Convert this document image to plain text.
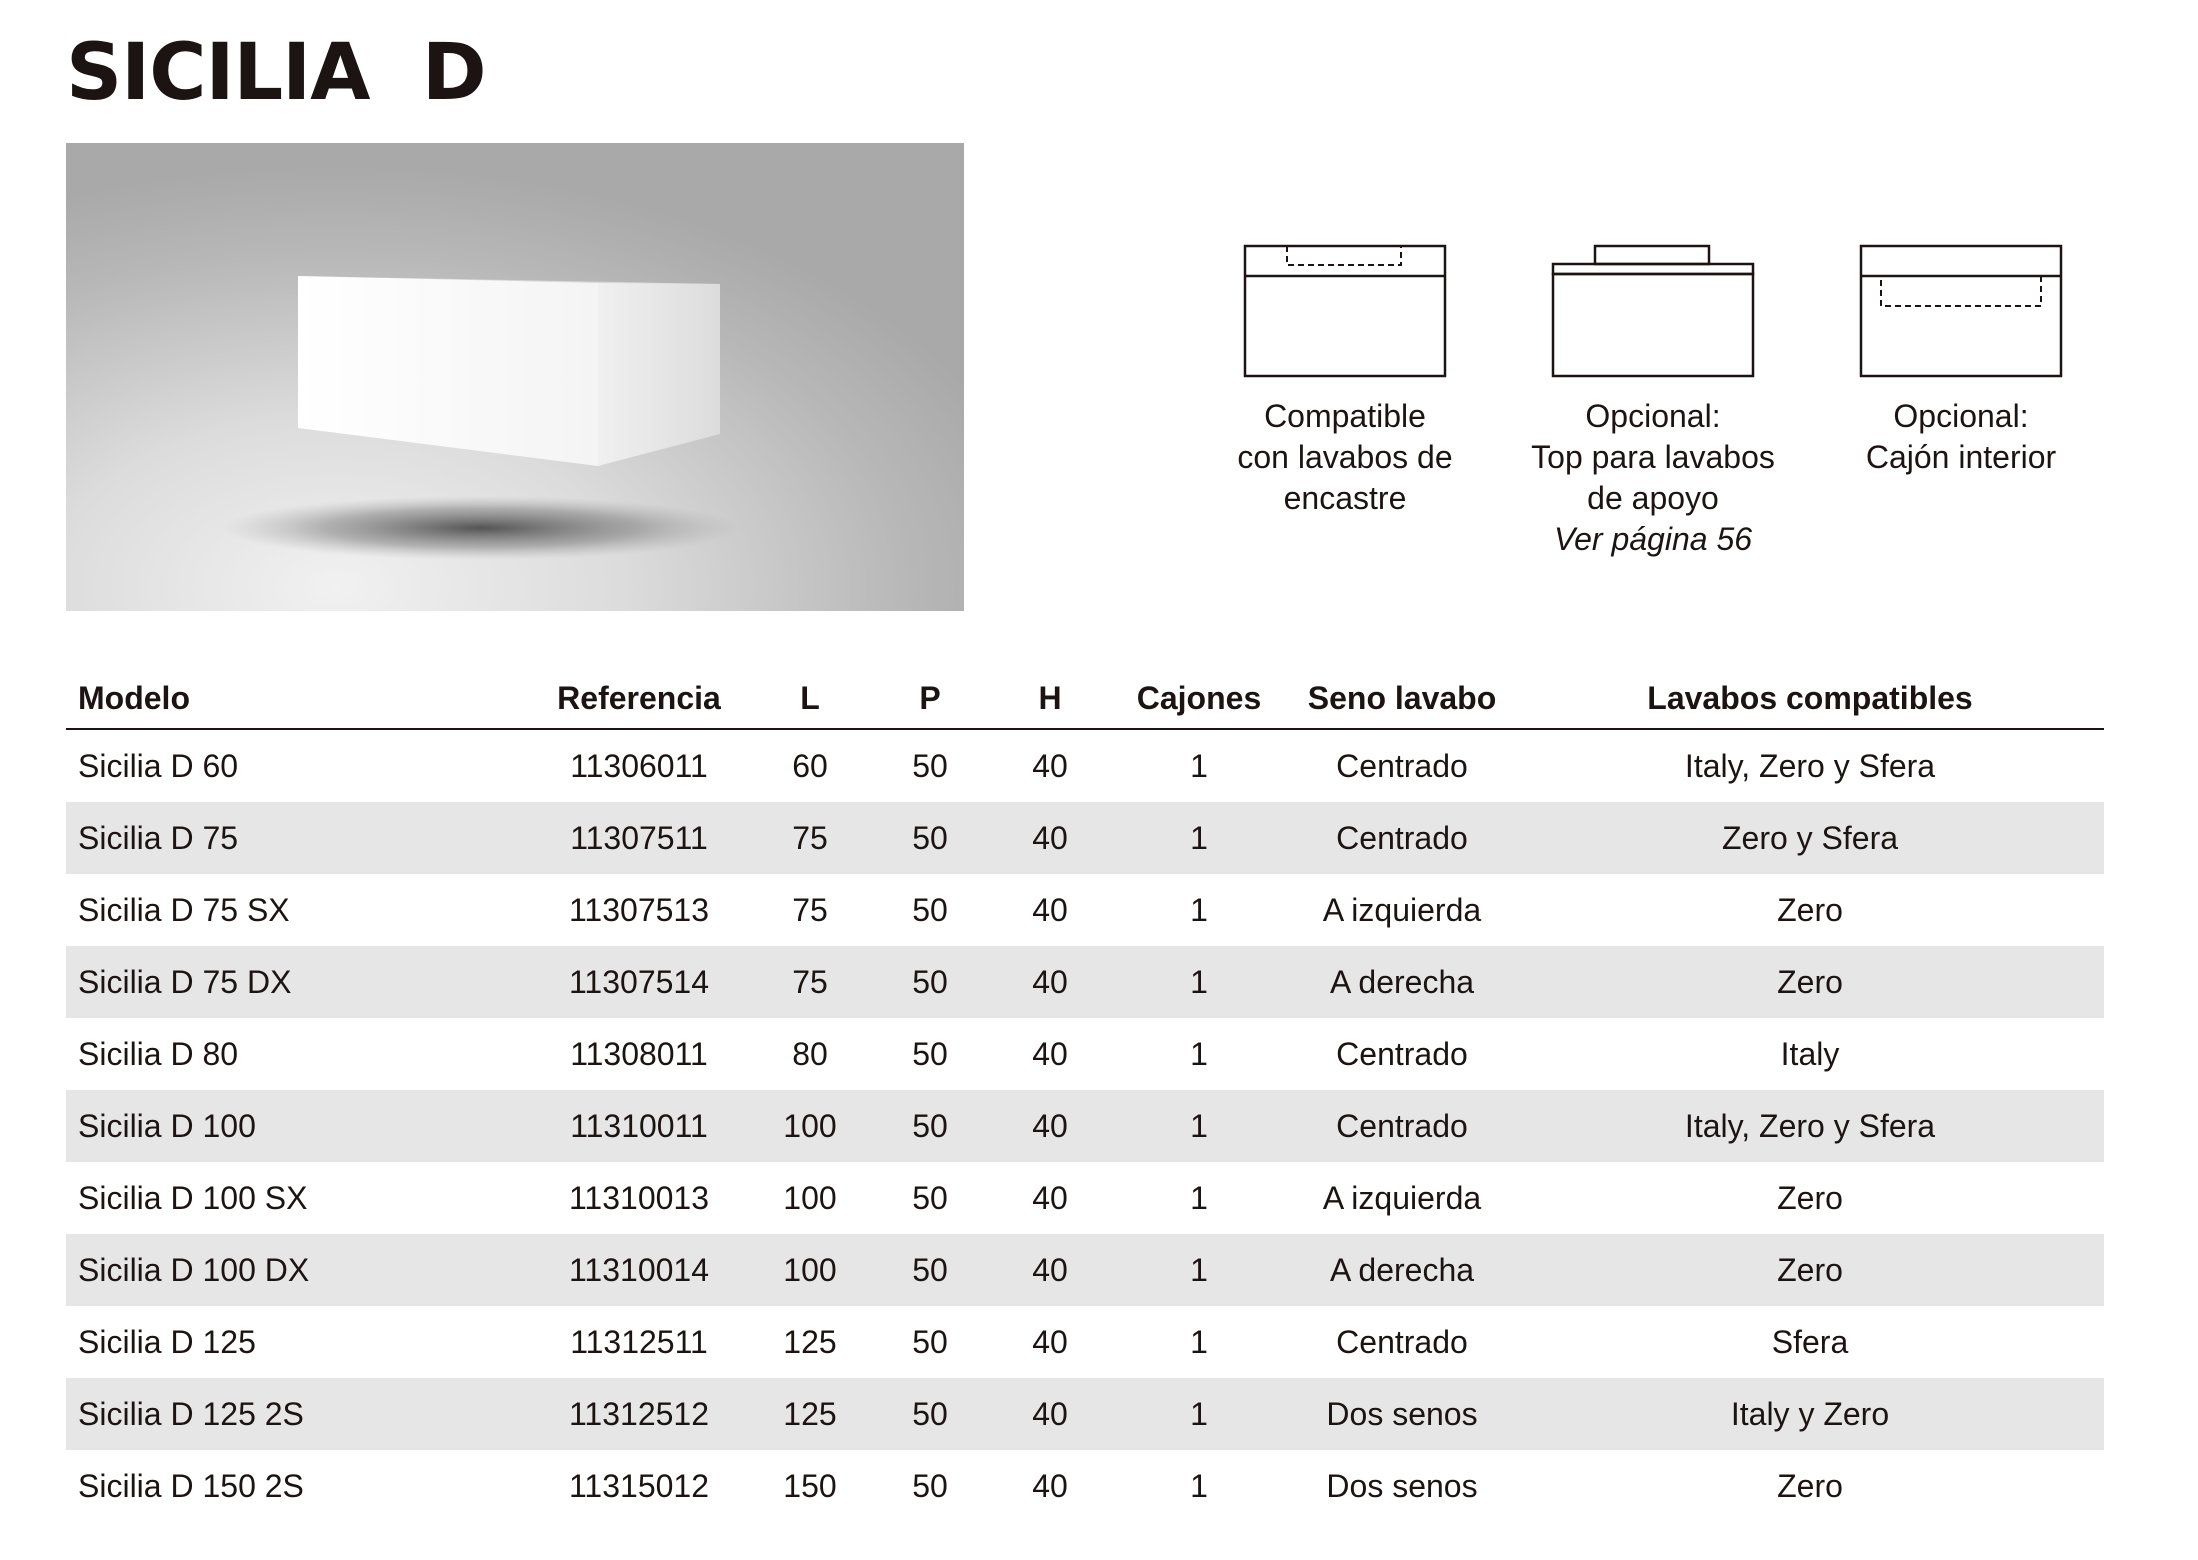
SICILIA  D
Compatible
con lavabos de
encastre
Opcional:
Top para lavabos
de apoyo
Ver página 56
Opcional:
Cajón interior
Modelo	Referencia	L	P	H	Cajones	Seno lavabo	Lavabos compatibles
Sicilia D 60	11306011	60	50	40	1	Centrado	Italy, Zero y Sfera
Sicilia D 75	11307511	75	50	40	1	Centrado	Zero y Sfera
Sicilia D 75 SX	11307513	75	50	40	1	A izquierda	Zero
Sicilia D 75 DX	11307514	75	50	40	1	A derecha	Zero
Sicilia D 80	11308011	80	50	40	1	Centrado	Italy
Sicilia D 100	11310011	100	50	40	1	Centrado	Italy, Zero y Sfera
Sicilia D 100 SX	11310013	100	50	40	1	A izquierda	Zero
Sicilia D 100 DX	11310014	100	50	40	1	A derecha	Zero
Sicilia D 125	11312511	125	50	40	1	Centrado	Sfera
Sicilia D 125 2S	11312512	125	50	40	1	Dos senos	Italy y Zero
Sicilia D 150 2S	11315012	150	50	40	1	Dos senos	Zero
